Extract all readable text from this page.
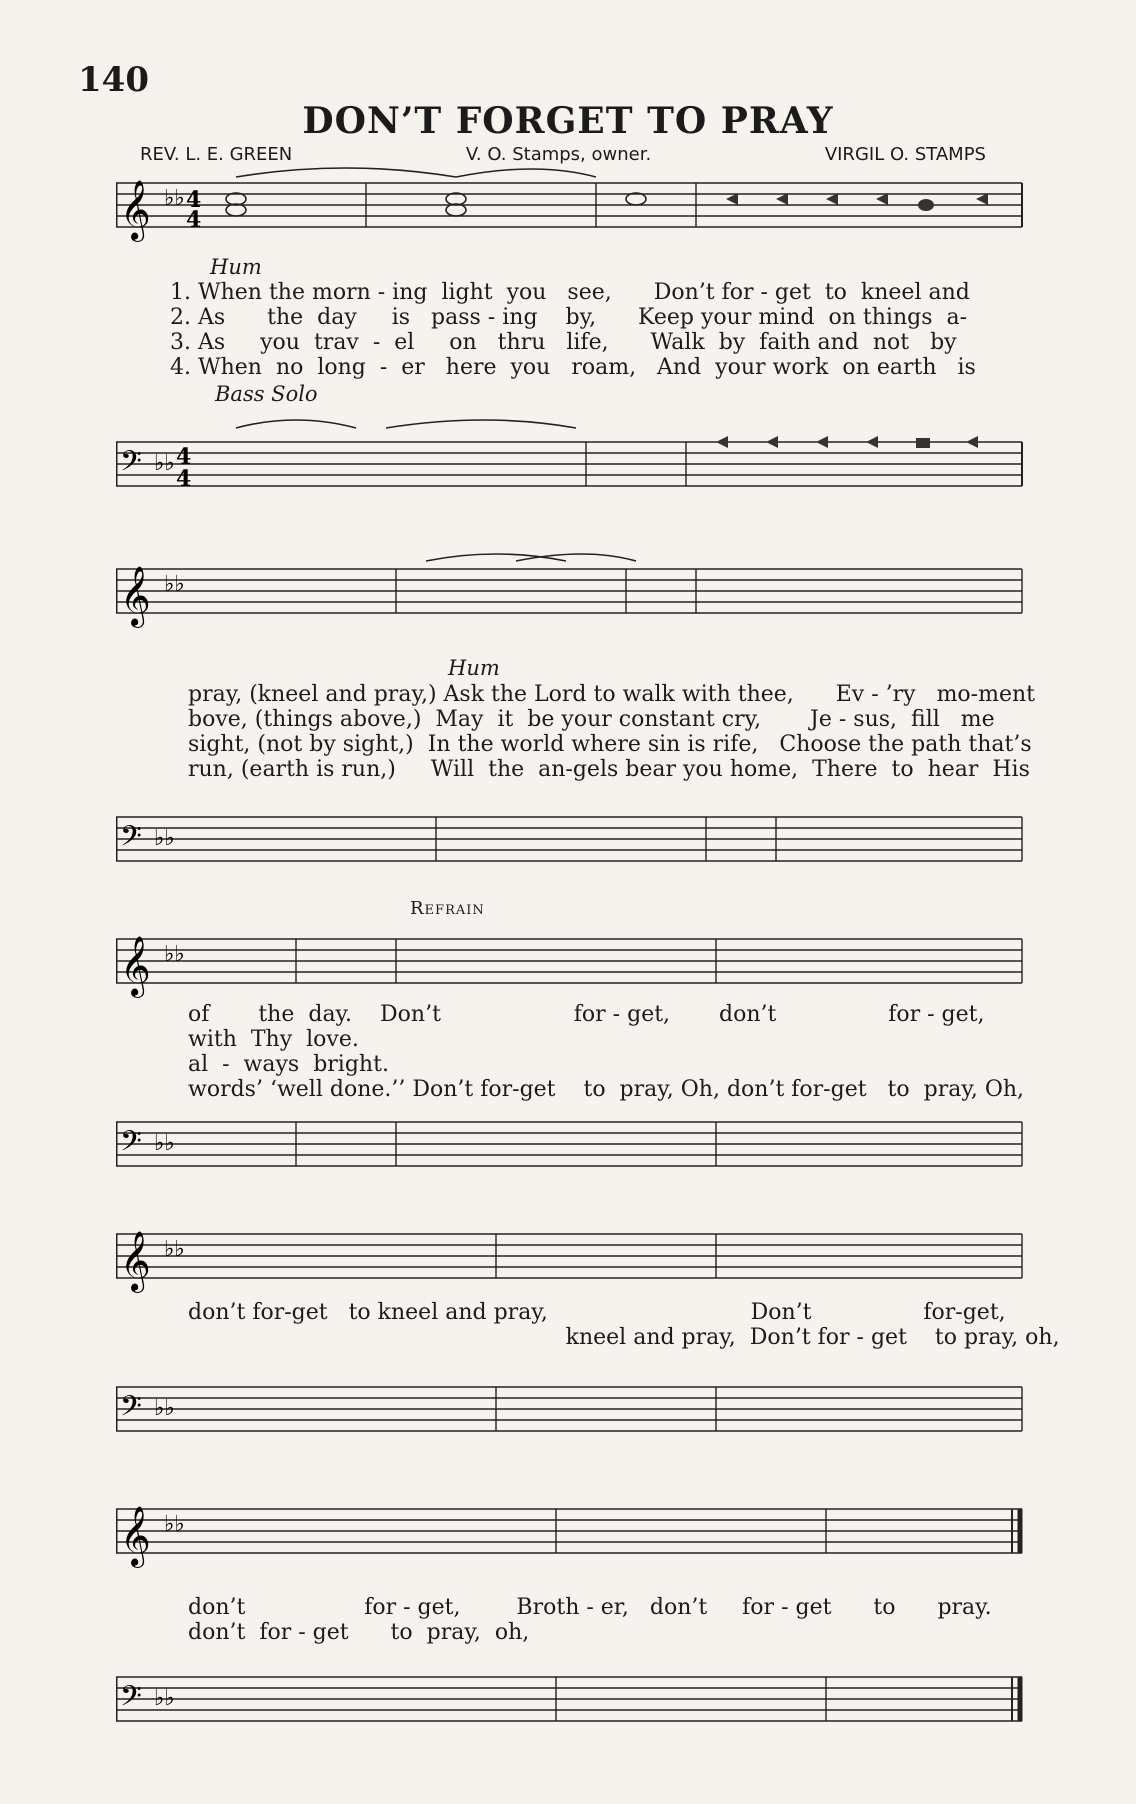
140
DON’T FORGET TO PRAY
REV. L. E. GREEN	V. O. Stamps, owner.	VIRGIL O. STAMPS
𝄞 ♭♭ 4
4
Hum
1. When the morn - ing  light  you   see,      Don’t for - get  to  kneel and
2. As      the  day     is   pass - ing    by,      Keep your mind  on things  a-
3. As     you  trav  -  el     on   thru   life,      Walk  by  faith and  not   by
4. When  no  long  -  er   here  you   roam,   And  your work  on earth   is
Bass Solo
𝄢 ♭♭ 4
4
𝄞 ♭♭
Hum
pray, (kneel and pray,) Ask the Lord to walk with thee,      Ev - ’ry   mo-ment
bove, (things above,)  May  it  be your constant cry,       Je - sus,  fill   me
sight, (not by sight,)  In the world where sin is rife,   Choose the path that’s
run, (earth is run,)     Will  the  an-gels bear you home,  There  to  hear  His
𝄢 ♭♭
Refrain
𝄞 ♭♭
of       the  day.    Don’t                   for - get,       don’t                for - get,
with  Thy  love.
al  -  ways  bright.
words’ ‘well done.’’ Don’t for-get    to  pray, Oh, don’t for-get   to  pray, Oh,
𝄢 ♭♭
𝄞 ♭♭
don’t for-get   to kneel and pray,                             Don’t                for-get,
kneel and pray,  Don’t for - get    to pray, oh,
𝄢 ♭♭
𝄞 ♭♭
don’t                 for - get,        Broth - er,   don’t     for - get      to      pray.
don’t  for - get      to  pray,  oh,
𝄢 ♭♭
